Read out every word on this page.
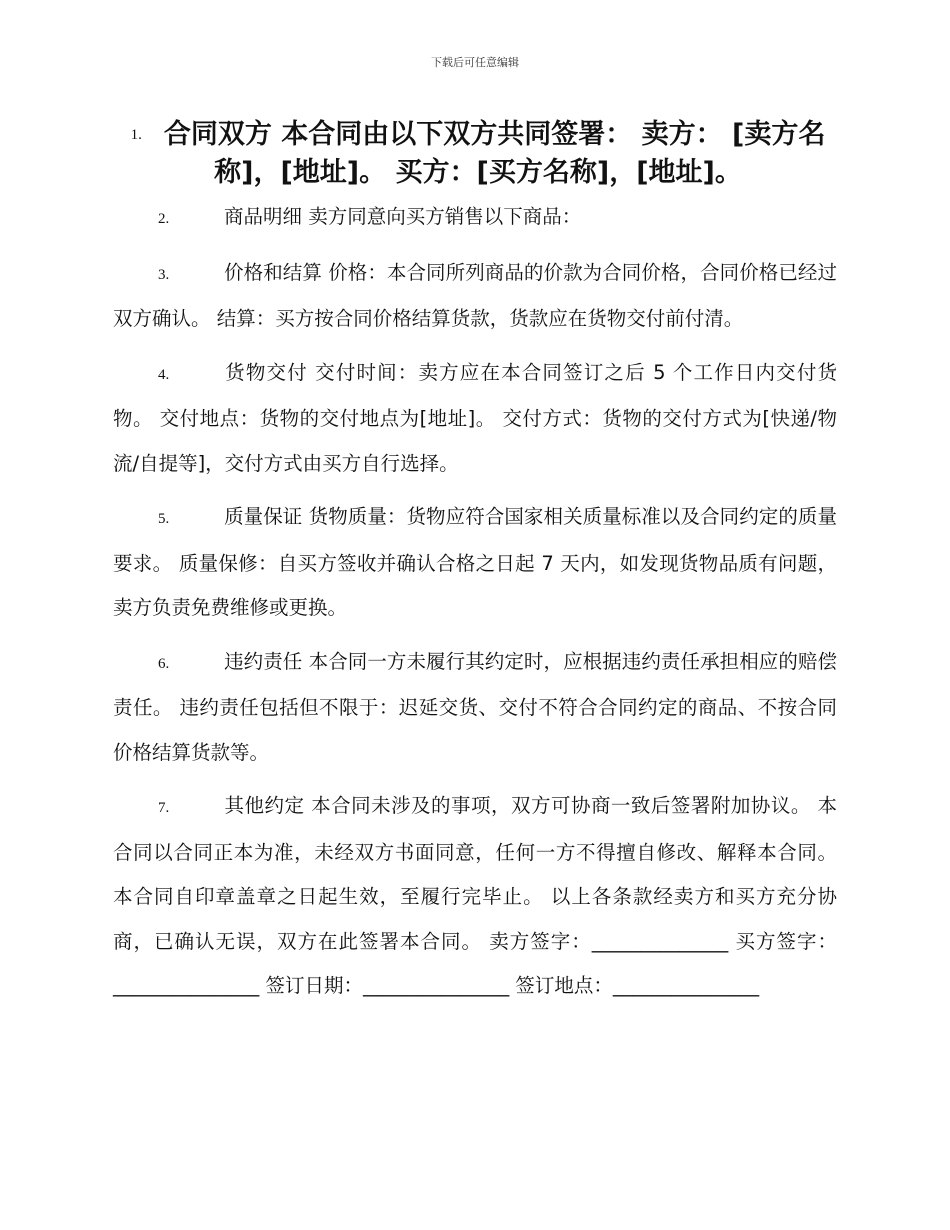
下载后可任意编辑
1. 合同双方 本合同由以下双方共同签署： 卖方： [卖方名称]，[地址]。 买方：[买方名称]，[地址]。

2.	商品明细 卖方同意向买方销售以下商品：

3.	价格和结算 价格：本合同所列商品的价款为合同价格，合同价格已经过双方确认。 结算：买方按合同价格结算货款，货款应在货物交付前付清。

4.	货物交付 交付时间：卖方应在本合同签订之后 5 个工作日内交付货物。 交付地点：货物的交付地点为[地址]。 交付方式：货物的交付方式为[快递/物流/自提等]，交付方式由买方自行选择。

5.	质量保证 货物质量：货物应符合国家相关质量标准以及合同约定的质量要求。 质量保修：自买方签收并确认合格之日起 7 天内，如发现货物品质有问题，卖方负责免费维修或更换。

6.	违约责任 本合同一方未履行其约定时，应根据违约责任承担相应的赔偿责任。 违约责任包括但不限于：迟延交货、交付不符合合同约定的商品、不按合同价格结算货款等。

7.	其他约定 本合同未涉及的事项，双方可协商一致后签署附加协议。 本合同以合同正本为准，未经双方书面同意，任何一方不得擅自修改、解释本合同。 本合同自印章盖章之日起生效，至履行完毕止。 以上各条款经卖方和买方充分协商，已确认无误，双方在此签署本合同。 卖方签字：______________ 买方签字：_______________ 签订日期：_______________ 签订地点：_______________
